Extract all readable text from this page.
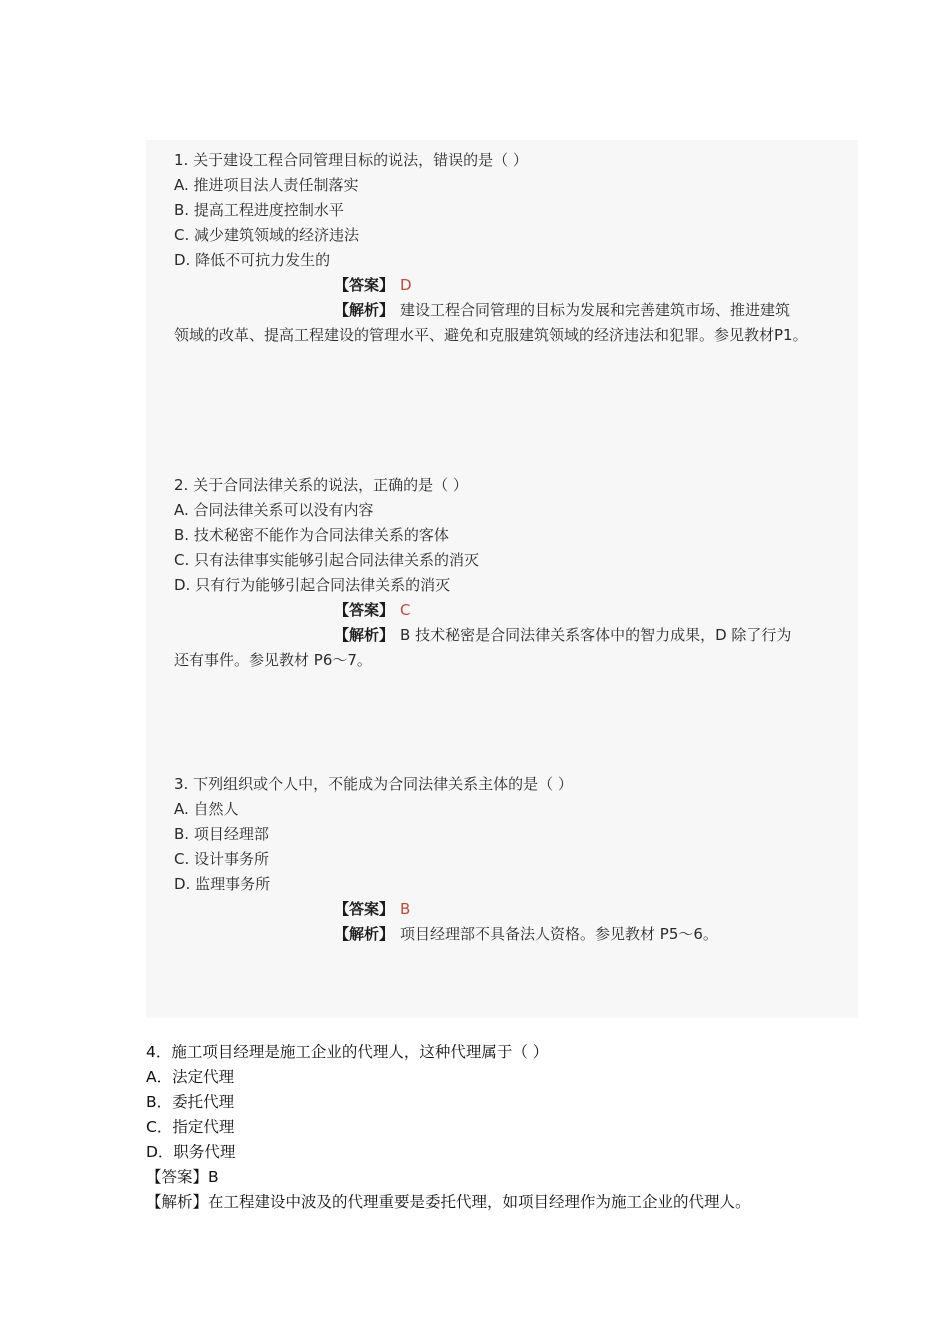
1. 关于建设工程合同管理目标的说法，错误的是（ ）
A. 推进项目法人责任制落实
B. 提高工程进度控制水平
C. 减少建筑领域的经济违法
D. 降低不可抗力发生的
【答案】 D
【解析】 建设工程合同管理的目标为发展和完善建筑市场、推进建筑
领域的改革、提高工程建设的管理水平、避免和克服建筑领域的经济违法和犯罪。参见教材P1。
2. 关于合同法律关系的说法，正确的是（ ）
A. 合同法律关系可以没有内容
B. 技术秘密不能作为合同法律关系的客体
C. 只有法律事实能够引起合同法律关系的消灭
D. 只有行为能够引起合同法律关系的消灭
【答案】 C
【解析】 B 技术秘密是合同法律关系客体中的智力成果，D 除了行为
还有事件。参见教材 P6～7。
3. 下列组织或个人中，不能成为合同法律关系主体的是（ ）
A. 自然人
B. 项目经理部
C. 设计事务所
D. 监理事务所
【答案】 B
【解析】 项目经理部不具备法人资格。参见教材 P5～6。
4．施工项目经理是施工企业的代理人，这种代理属于（ ）
A．法定代理
B．委托代理
C．指定代理
D．职务代理
【答案】B
【解析】在工程建设中波及的代理重要是委托代理，如项目经理作为施工企业的代理人。
